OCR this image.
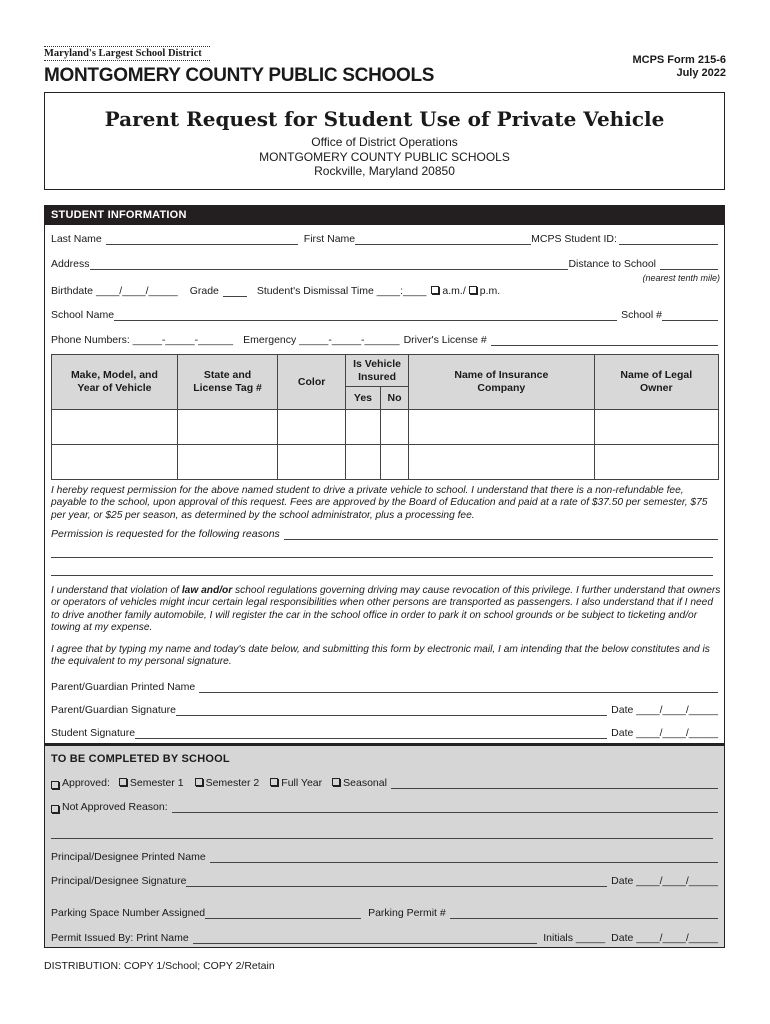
Maryland's Largest School District
MONTGOMERY COUNTY PUBLIC SCHOOLS
MCPS Form 215-6
July 2022
Parent Request for Student Use of Private Vehicle
Office of District Operations
MONTGOMERY COUNTY PUBLIC SCHOOLS
Rockville, Maryland 20850
STUDENT INFORMATION
Last Name	First Name	MCPS Student ID:
Address	Distance to School
(nearest tenth mile)
Birthdate ____/____/_____ Grade	Student's Dismissal Time ____:____	a.m./	p.m.
School Name	School #
Phone Numbers: _____-_____-______ Emergency _____-_____-______ Driver's License #
Make, Model, and Year of Vehicle	State and License Tag #	Color	Is Vehicle Insured		Name of Insurance Company	Name of Legal Owner
			Yes	No		

I hereby request permission for the above named student to drive a private vehicle to school. I understand that there is a non-refundable fee, payable to the school, upon approval of this request. Fees are approved by the Board of Education and paid at a rate of $37.50 per semester, $75 per year, or $25 per season, as determined by the school administrator, plus a processing fee.
Permission is requested for the following reasons
I understand that violation of law and/or school regulations governing driving may cause revocation of this privilege. I further understand that owners or operators of vehicles might incur certain legal responsibilities when other persons are transported as passengers. I also understand that if I need to drive another family automobile, I will register the car in the school office in order to park it on school grounds or be subject to ticketing and/or towing at my expense.
I agree that by typing my name and today's date below, and submitting this form by electronic mail, I am intending that the below constitutes and is the equivalent to my personal signature.
Parent/Guardian Printed Name
Parent/Guardian Signature	Date ____/____/_____
Student Signature	Date ____/____/_____
TO BE COMPLETED BY SCHOOL
Approved:	Semester 1	Semester 2	Full Year	Seasonal
Not Approved Reason:
Principal/Designee Printed Name
Principal/Designee Signature	Date ____/____/_____
Parking Space Number Assigned	Parking Permit #
Permit Issued By: Print Name	Initials _____ Date ____/____/_____
DISTRIBUTION: COPY 1/School; COPY 2/Retain
